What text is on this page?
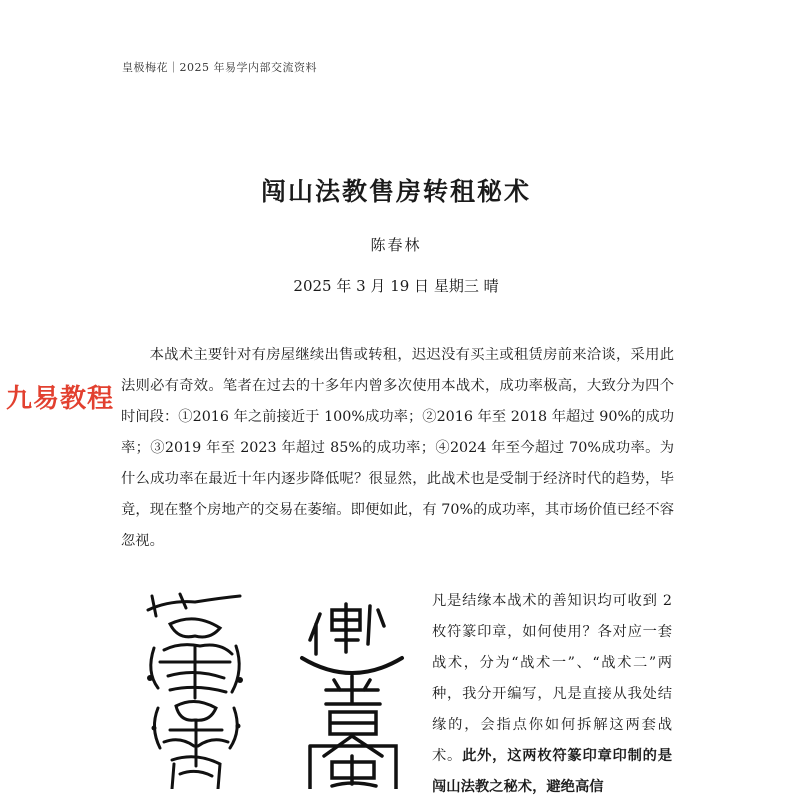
皇极梅花｜2025 年易学内部交流资料
闯山法教售房转租秘术
陈春林
2025 年 3 月 19 日 星期三 晴

本战术主要针对有房屋继续出售或转租，迟迟没有买主或租赁房前来洽谈，采用此法则必有奇效。笔者在过去的十多年内曾多次使用本战术，成功率极高，大致分为四个时间段：①2016 年之前接近于 100%成功率；②2016 年至 2018 年超过 90%的成功率；③2019 年至 2023 年超过 85%的成功率；④2024 年至今超过 70%成功率。为什么成功率在最近十年内逐步降低呢？很显然，此战术也是受制于经济时代的趋势，毕竟，现在整个房地产的交易在萎缩。即便如此，有 70%的成功率，其市场价值已经不容忽视。

九易教程

凡是结缘本战术的善知识均可收到 2 枚符篆印章，如何使用？各对应一套战术，分为“战术一”、“战术二”两种，我分开编写，凡是直接从我处结缘的，会指点你如何拆解这两套战术。此外，这两枚符篆印章印制的是闯山法教之秘术，避绝高信
